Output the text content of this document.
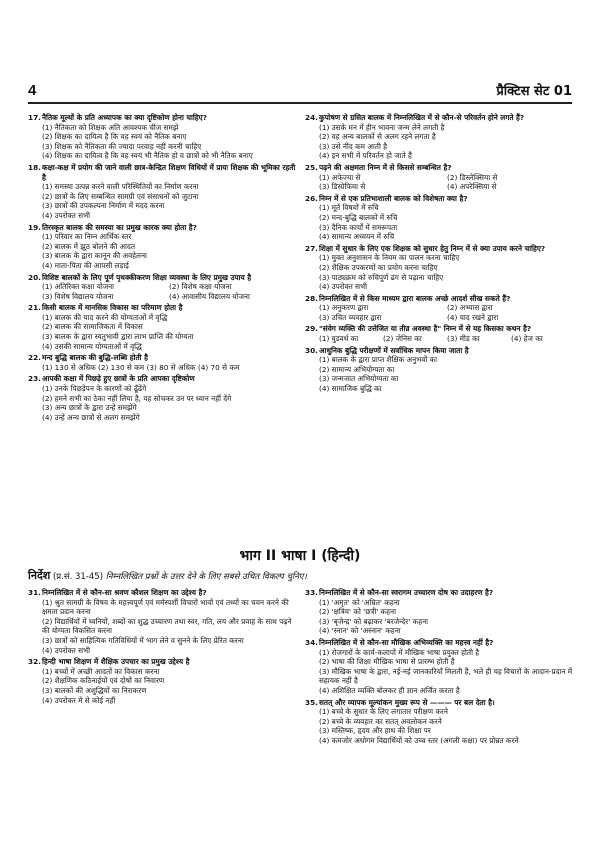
4	प्रैक्टिस सेट 01
17. नैतिक मूल्यों के प्रति अध्यापक का क्या दृष्टिकोण होना चाहिए?
(1) नैतिकता को शिक्षक अति आवश्यक चीज समझे
(2) शिक्षक का दायित्व है कि वह स्वयं को नैतिक बनाए
(3) शिक्षक को नैतिकता की ज्यादा परवाह नहीं करनी चाहिए
(4) शिक्षक का दायित्व है कि वह स्वयं भी नैतिक हो व छात्रों को भी नैतिक बनाए
18. कक्षा-कक्ष में प्रयोग की जाने वाली छात्र-केन्द्रित शिक्षण विधियों में प्रायः शिक्षक की भूमिका रहती है
(1) समस्या उत्पन्न करने वाली परिस्थितियों का निर्माण करना
(2) छात्रों के लिए सम्बन्धित सामग्री एवं संसाधनों को जुटाना
(3) छात्रों की उपकल्पना निर्माण में मदद करना
(4) उपरोक्त सभी
19. तिरस्कृत बालक की समस्या का प्रमुख कारक क्या होता है?
(1) परिवार का निम्न आर्थिक स्तर
(2) बालक में झूठ बोलने की आदत
(3) बालक के द्वारा कानून की अवहेलना
(4) माता-पिता की आपसी लड़ाई
20. विशिष्ट बालकों के लिए पूर्ण पृथक्कीकरण शिक्षा व्यवस्था के लिए प्रमुख उपाय है
(1) अतिरिक्त कक्षा योजना	(2) विशेष कक्षा योजना
(3) विशेष विद्यालय योजना	(4) आवासीय विद्यालय योजना
21. किसी बालक में मानसिक विकास का परिमाण होता है
(1) बालक की याद करने की योग्यताओं में वृद्धि
(2) बालक की सामाजिकता में विकास
(3) बालक के द्वारा स्वतुभावी द्वारा लाभ प्राप्ति की योग्यता
(4) उसकी सामान्य योग्यताओं में वृद्धि
22. मन्द बुद्धि बालक की बुद्धि-लब्धि होती है
(1) 130 से अधिक (2) 130 से कम (3) 80 से अधिक (4) 70 से कम
23. आपकी कक्षा में पिछड़े हुए छात्रों के प्रति आपका दृष्टिकोण
(1) उनके पिछड़ेपन के कारणों को ढूँढेंगे
(2) हमने सभी का ठेका नहीं लिया है, यह सोचकर उन पर ध्यान नहीं देंगे
(3) अन्य छात्रों के द्वारा उन्हें समझेंगे
(4) उन्हें अन्य छात्रों से अलग समझेंगे
24. कुपोषण से ग्रसित बालक में निम्नलिखित में से कौन-से परिवर्तन होने लगते हैं?
(1) उसके मन में हीन भावना जन्म लेने लगती है
(2) वह अन्य बालकों से अलग रहने लगता है
(3) उसे नींद कम आती है
(4) इन सभी में परिवर्तन हो जाते हैं
25. पढ़ने की अक्षमता निम्न में से किससे सम्बन्धित है?
(1) अफेज्या से	(2) डिस्लेक्सिया से
(3) डिस्ग्रेफिया से	(4) अपरेक्सिया से
26. निम्न में से एक प्रतिभाशाली बालक को विशेषता क्या है?
(1) मूर्त विषयों में रुचि
(2) मन्द-बुद्धि बालकों में रुचि
(3) दैनिक कार्यों में समरूपता
(4) सामान्य अध्ययन में रुचि
27. शिक्षा में सुधार के लिए एक शिक्षक को सुधार हेतु निम्न में से क्या उपाय करने चाहिए?
(1) मुक्त अनुशासन के नियम का पालन करना चाहिए
(2) शैक्षिक उपकरणों का प्रयोग करना चाहिए
(3) पाठ्यक्रम को रुचिपूर्ण ढंग से पढ़ाना चाहिए
(4) उपरोक्त सभी
28. निम्नलिखित में से किस माध्यम द्वारा बालक अच्छे आदर्श सीख सकते हैं?
(1) अनुकरण द्वारा	(2) अभ्यास द्वारा
(3) उचित व्यवहार द्वारा	(4) याद रखने द्वारा
29. "संवेग व्यक्ति की उत्तेजित या तीव्र अवस्था है" निम्न में से यह किसका कथन है?
(1) वुडवर्थ का	(2) जेनिस का	(3) मीड का	(4) हेज का
30. आधुनिक बुद्धि परीक्षणों में सर्वाधिक मापन किया जाता है
(1) बालक के द्वारा प्राप्त शैक्षिक अनुभवों का
(2) सामान्य अभियोग्यता का
(3) जन्मजात अभियोग्यता का
(4) सामाजिक बुद्धि का
भाग II भाषा I (हिन्दी)
निर्देश (प्र.सं. 31-45) निम्नलिखित प्रश्नों के उत्तर देने के लिए सबसे उचित विकल्प चुनिए।
31. निम्नलिखित में से कौन-सा श्रवण कौशल शिक्षण का उद्देश्य है?
(1) श्रुत सामग्री के विषय के महत्त्वपूर्ण एवं मर्मस्पर्शी विचारों भावों एवं तथ्यों का चयन करने की क्षमता प्रदान करना
(2) विद्यार्थियों में ध्वनियों, शब्दों का शुद्ध उच्चारण तथा स्वर, गति, लय और प्रवाह के साथ पढ़ने की योग्यता विकसित करना
(3) छात्रों को साहित्यिक गतिविधियों में भाग लेने व सुनने के लिए प्रेरित करना
(4) उपरोक्त सभी
32. हिन्दी भाषा शिक्षण में शैक्षिक उपचार का प्रमुख उद्देश्य है
(1) बच्चों में अच्छी आदतों का विकास करना
(2) शैक्षणिक कठिनाईयों एवं दोषों का निवारण
(3) बालकों की अशुद्धियों का निराकरण
(4) उपरोक्त में से कोई नहीं
33. निम्नलिखित में से कौन-सा स्वरागम उच्चारण दोष का उदाहरण है?
(1) 'अमृत' को 'अम्रित' कहना
(2) 'क्षत्रिय' को 'छत्री' कहना
(3) 'बृजेन्द्र' को बढ़ाकर 'बरजेन्देर' कहना
(4) 'स्नान' को 'अस्नान' कहना
34. निम्नलिखित में से कौन-सा मौखिक अभिव्यक्ति का महत्त्व नहीं है?
(1) रोजगारों के कार्य-कलापों में मौखिक भाषा प्रयुक्त होती है
(2) भाषा की शिक्षा मौखिक भाषा से प्रारम्भ होती है
(3) मौखिक भाषा के द्वारा, नई-नई जानकारियाँ मिलती हैं, भले ही यह विचारों के आदान-प्रदान में सहायक नहीं है
(4) अशिक्षित व्यक्ति बोलकर ही ज्ञान अर्जित करता है
35. सतत् और व्यापक मूल्यांकन मुख्य रूप से ——— पर बल देता है।
(1) बच्चे के सुधार के लिए लगातार परीक्षण करने
(2) बच्चे के व्यवहार का सतत् अवलोकन करने
(3) मस्तिष्क, हृदय और हाथ की शिक्षा पर
(4) कमजोर अधोगम विद्यार्थियों को उच्च स्तर (अगली कक्षा) पर प्रोन्नत करने
